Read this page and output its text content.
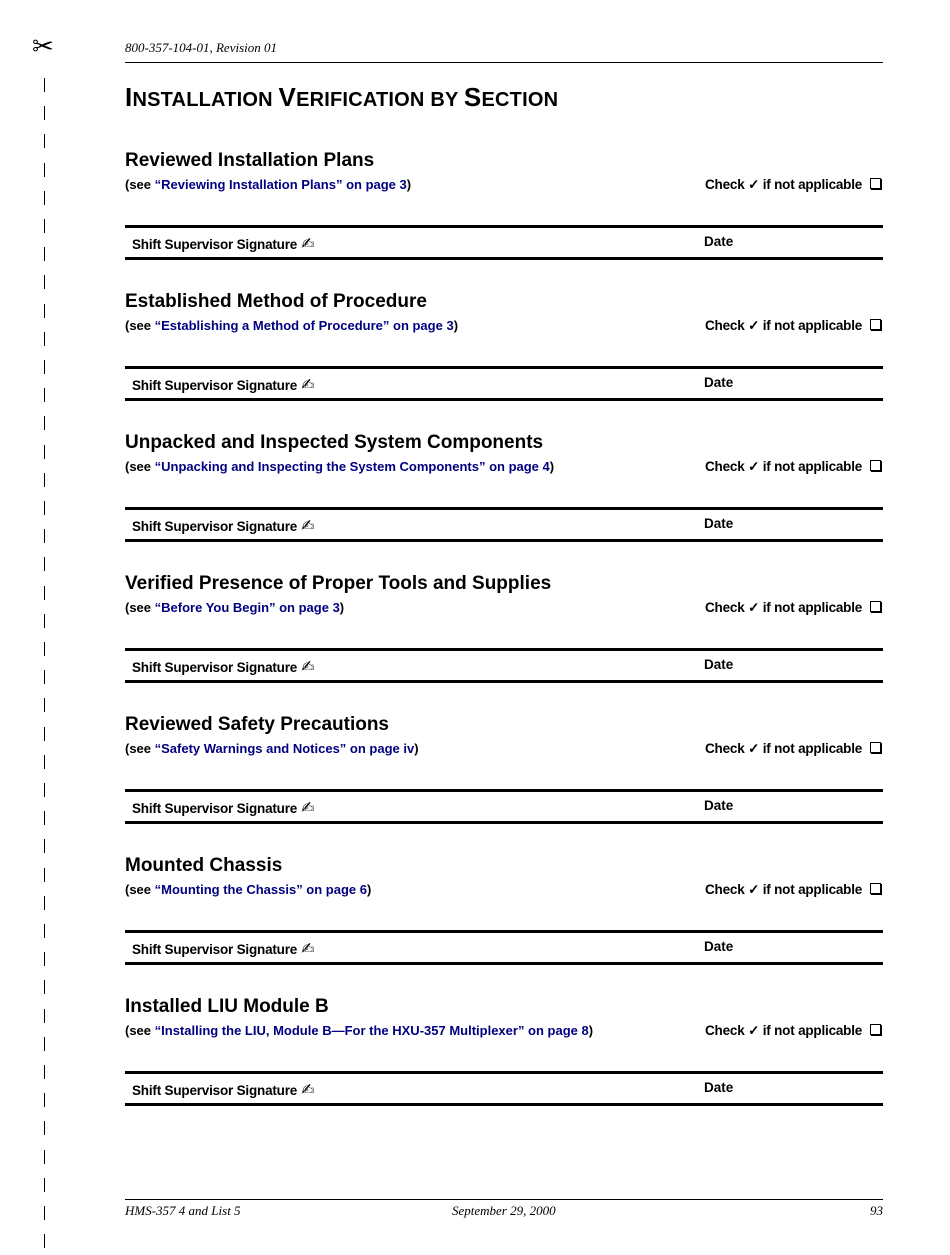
✂	800-357-104-01, Revision 01
INSTALLATION VERIFICATION BY SECTION
Reviewed Installation Plans
(see “Reviewing Installation Plans” on page 3)	Check ✓ if not applicable
Shift Supervisor Signature ✍	Date
Established Method of Procedure
(see “Establishing a Method of Procedure” on page 3)	Check ✓ if not applicable
Shift Supervisor Signature ✍	Date
Unpacked and Inspected System Components
(see “Unpacking and Inspecting the System Components” on page 4)	Check ✓ if not applicable
Shift Supervisor Signature ✍	Date
Verified Presence of Proper Tools and Supplies
(see “Before You Begin” on page 3)	Check ✓ if not applicable
Shift Supervisor Signature ✍	Date
Reviewed Safety Precautions
(see “Safety Warnings and Notices” on page iv)	Check ✓ if not applicable
Shift Supervisor Signature ✍	Date
Mounted Chassis
(see “Mounting the Chassis” on page 6)	Check ✓ if not applicable
Shift Supervisor Signature ✍	Date
Installed LIU Module B
(see “Installing the LIU, Module B—For the HXU-357 Multiplexer” on page 8)	Check ✓ if not applicable
Shift Supervisor Signature ✍	Date
HMS-357 4 and List 5	September 29, 2000	93
